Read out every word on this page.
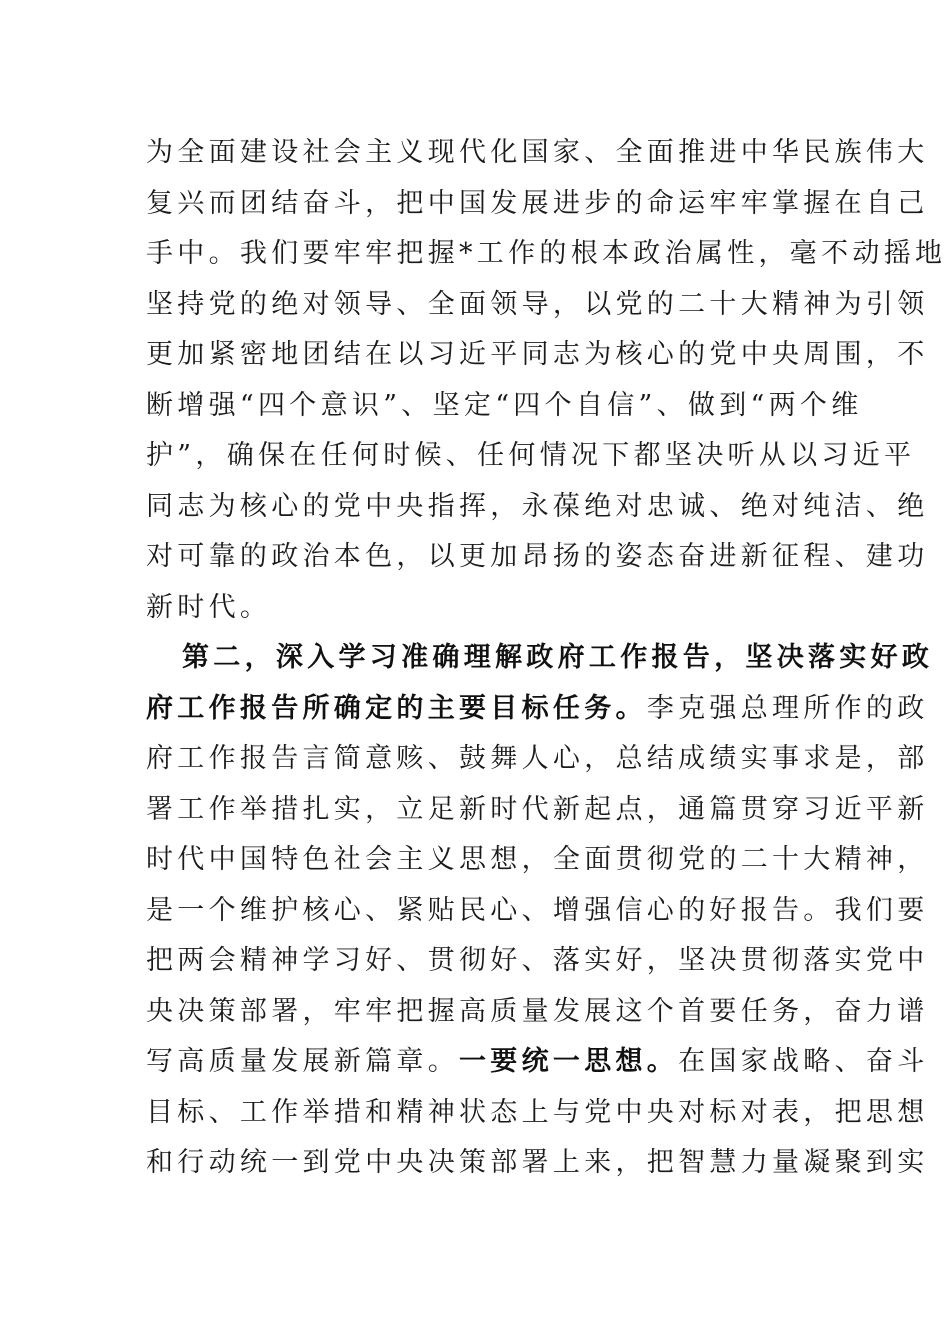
为全面建设社会主义现代化国家、全面推进中华民族伟大
复兴而团结奋斗，把中国发展进步的命运牢牢掌握在自己
手中。我们要牢牢把握*工作的根本政治属性，毫不动摇地
坚持党的绝对领导、全面领导，以党的二十大精神为引领
更加紧密地团结在以习近平同志为核心的党中央周围，不
断增强“四个意识”、坚定“四个自信”、做到“两个维
护”，确保在任何时候、任何情况下都坚决听从以习近平
同志为核心的党中央指挥，永葆绝对忠诚、绝对纯洁、绝
对可靠的政治本色，以更加昂扬的姿态奋进新征程、建功
新时代。
第二，深入学习准确理解政府工作报告，坚决落实好政
府工作报告所确定的主要目标任务。李克强总理所作的政
府工作报告言简意赅、鼓舞人心，总结成绩实事求是，部
署工作举措扎实，立足新时代新起点，通篇贯穿习近平新
时代中国特色社会主义思想，全面贯彻党的二十大精神，
是一个维护核心、紧贴民心、增强信心的好报告。我们要
把两会精神学习好、贯彻好、落实好，坚决贯彻落实党中
央决策部署，牢牢把握高质量发展这个首要任务，奋力谱
写高质量发展新篇章。一要统一思想。在国家战略、奋斗
目标、工作举措和精神状态上与党中央对标对表，把思想
和行动统一到党中央决策部署上来，把智慧力量凝聚到实
